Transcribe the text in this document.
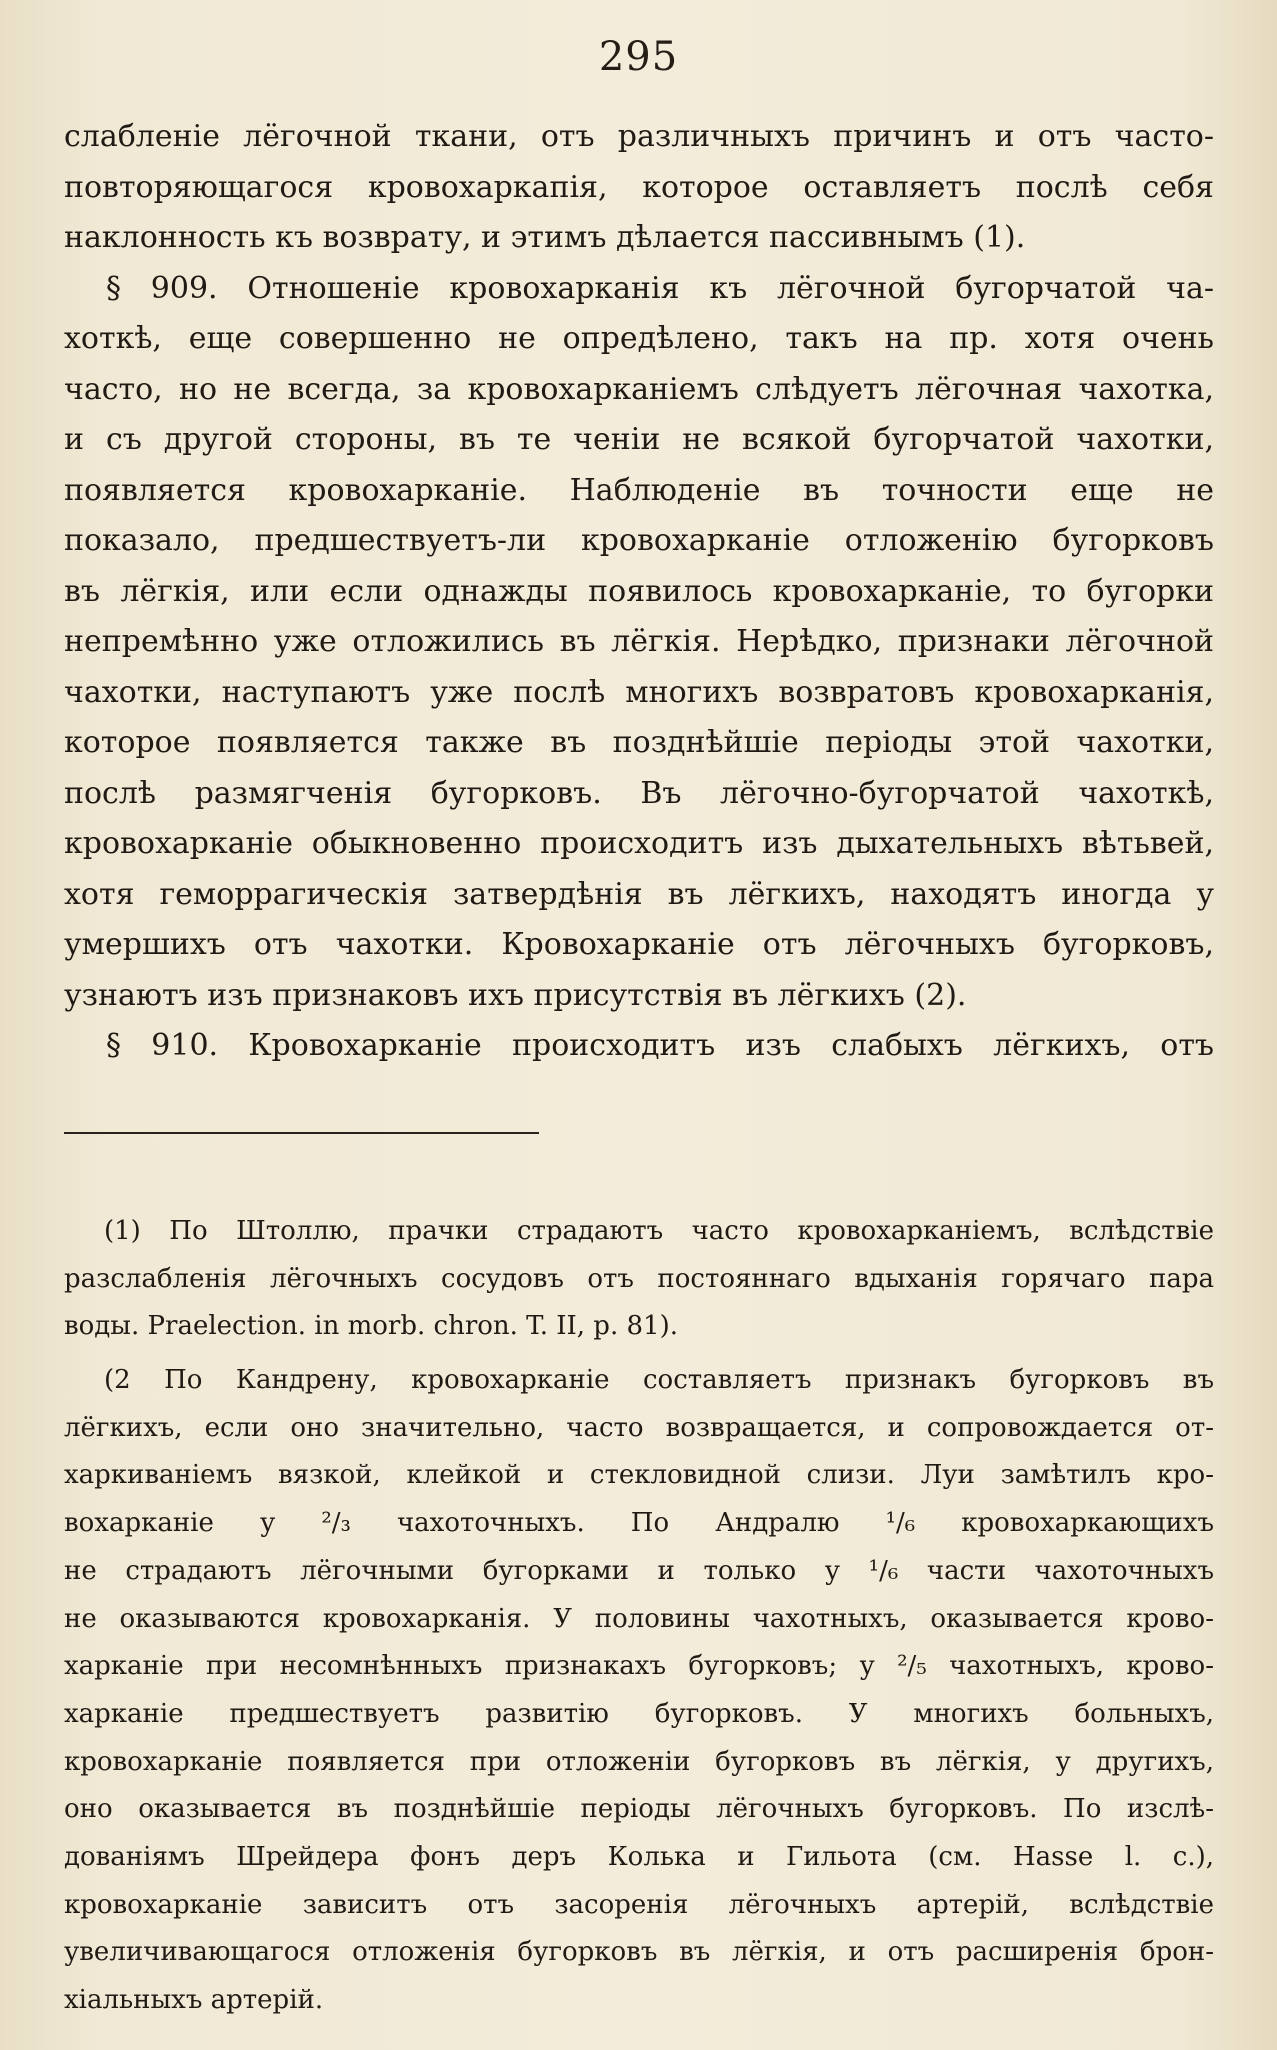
295
слабленіе лёгочной ткани, отъ различныхъ причинъ и отъ часто-
повторяющагося кровохаркапія, которое оставляетъ послѣ себя
наклонность къ возврату, и этимъ дѣлается пассивнымъ (1).
§ 909. Отношеніе кровохарканія къ лёгочной бугорчатой ча-
хоткѣ, еще совершенно не опредѣлено, такъ на пр. хотя очень
часто, но не всегда, за кровохарканіемъ слѣдуетъ лёгочная чахотка,
и съ другой стороны, въ те ченіи не всякой бугорчатой чахотки,
появляется кровохарканіе. Наблюденіе въ точности еще не
показало, предшествуетъ-ли кровохарканіе отложенію бугорковъ
въ лёгкія, или если однажды появилось кровохарканіе, то бугорки
непремѣнно уже отложились въ лёгкія. Нерѣдко, признаки лёгочной
чахотки, наступаютъ уже послѣ многихъ возвратовъ кровохарканія,
которое появляется также въ позднѣйшіе періоды этой чахотки,
послѣ размягченія бугорковъ. Въ лёгочно-бугорчатой чахоткѣ,
кровохарканіе обыкновенно происходитъ изъ дыхательныхъ вѣтьвей,
хотя геморрагическія затвердѣнія въ лёгкихъ, находятъ иногда у
умершихъ отъ чахотки. Кровохарканіе отъ лёгочныхъ бугорковъ,
узнаютъ изъ признаковъ ихъ присутствія въ лёгкихъ (2).
§ 910. Кровохарканіе происходитъ изъ слабыхъ лёгкихъ, отъ
(1) По Штоллю, прачки страдаютъ часто кровохарканіемъ, вслѣдствіе
разслабленія лёгочныхъ сосудовъ отъ постояннаго вдыханія горячаго пара
воды. Praelection. in morb. chron. T. II, p. 81).
(2 По Кандрену, кровохарканіе составляетъ признакъ бугорковъ въ
лёгкихъ, если оно значительно, часто возвращается, и сопровождается от-
харкиваніемъ вязкой, клейкой и стекловидной слизи. Луи замѣтилъ кро-
вохарканіе у ²/₃ чахоточныхъ. По Андралю ¹/₆ кровохаркающихъ
не страдаютъ лёгочными бугорками и только у ¹/₆ части чахоточныхъ
не оказываются кровохарканія. У половины чахотныхъ, оказывается крово-
харканіе при несомнѣнныхъ признакахъ бугорковъ; у ²/₅ чахотныхъ, крово-
харканіе предшествуетъ развитію бугорковъ. У многихъ больныхъ,
кровохарканіе появляется при отложеніи бугорковъ въ лёгкія, у другихъ,
оно оказывается въ позднѣйшіе періоды лёгочныхъ бугорковъ. По изслѣ-
дованіямъ Шрейдера фонъ деръ Колька и Гильота (см. Hasse l. c.),
кровохарканіе зависитъ отъ засоренія лёгочныхъ артерій, вслѣдствіе
увеличивающагося отложенія бугорковъ въ лёгкія, и отъ расширенія брон-
хіальныхъ артерій.
